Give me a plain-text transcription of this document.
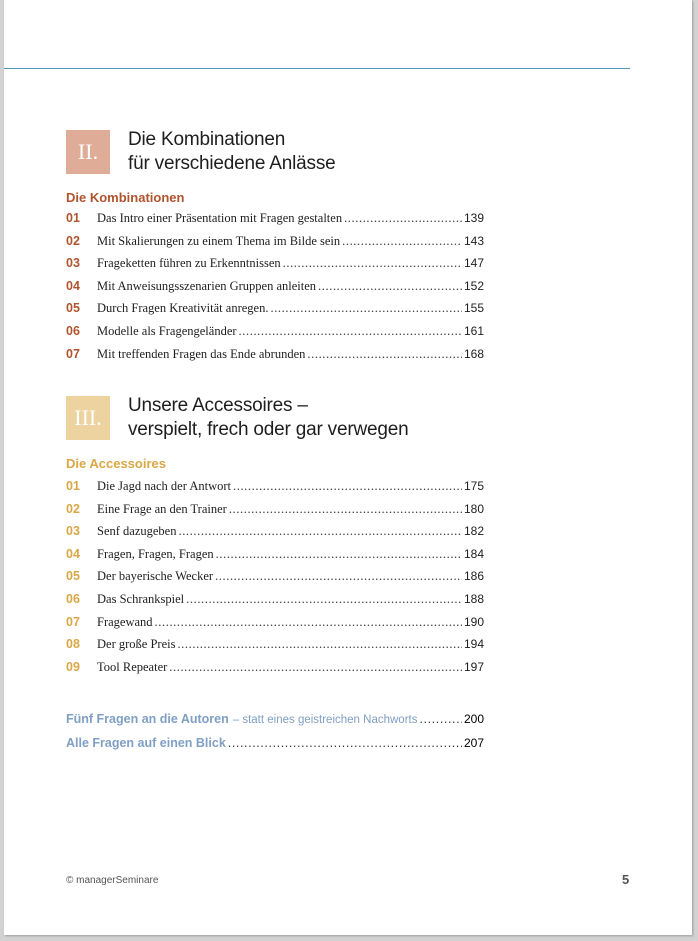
II.	Die Kombinationen
für verschiedene Anlässe
Die Kombinationen
01	Das Intro einer Präsentation mit Fragen gestalten .....	139
02	Mit Skalierungen zu einem Thema im Bilde sein .....	143
03	Frageketten führen zu Erkenntnissen .....	147
04	Mit Anweisungsszenarien Gruppen anleiten .....	152
05	Durch Fragen Kreativität anregen. .....	155
06	Modelle als Fragengeländer .....	161
07	Mit treffenden Fragen das Ende abrunden .....	168
III.	Unsere Accessoires –
verspielt, frech oder gar verwegen
Die Accessoires
01	Die Jagd nach der Antwort .....	175
02	Eine Frage an den Trainer .....	180
03	Senf dazugeben .....	182
04	Fragen, Fragen, Fragen .....	184
05	Der bayerische Wecker .....	186
06	Das Schrankspiel .....	188
07	Fragewand .....	190
08	Der große Preis .....	194
09	Tool Repeater .....	197
Fünf Fragen an die Autoren – statt eines geistreichen Nachworts .....	200
Alle Fragen auf einen Blick .....	207
© managerSeminare	5
